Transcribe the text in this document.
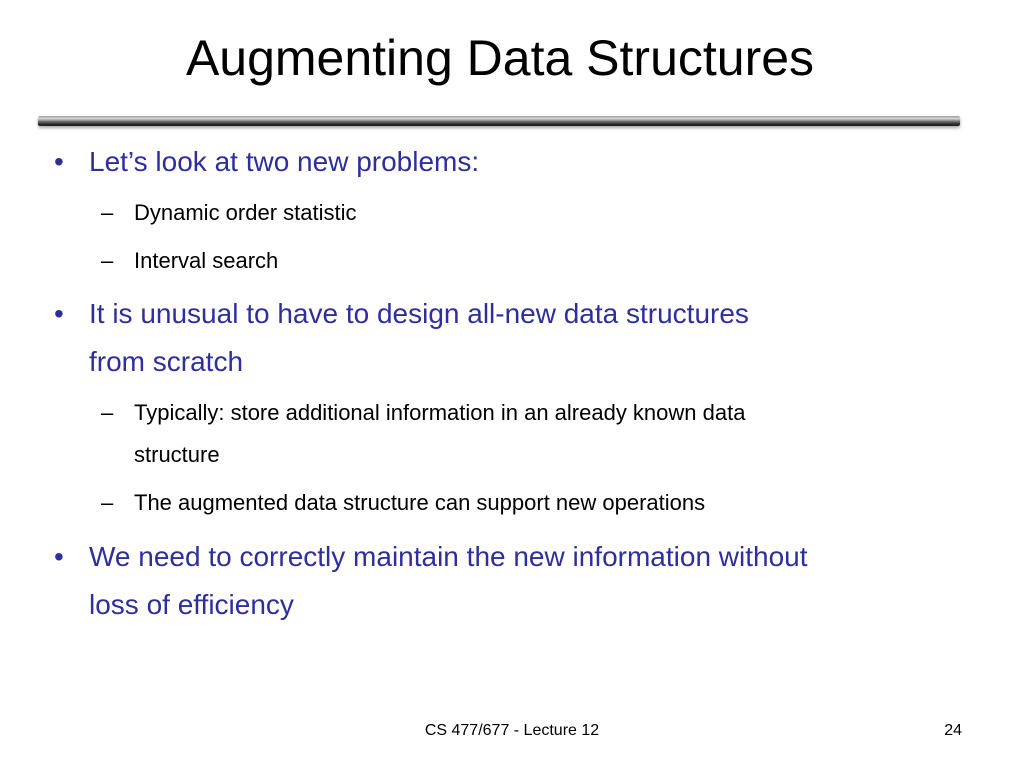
Augmenting Data Structures
• Let’s look at two new problems:
– Dynamic order statistic
– Interval search
• It is unusual to have to design all-new data structures
from scratch
– Typically: store additional information in an already known data
structure
– The augmented data structure can support new operations
• We need to correctly maintain the new information without
loss of efficiency
CS 477/677 - Lecture 12	24
